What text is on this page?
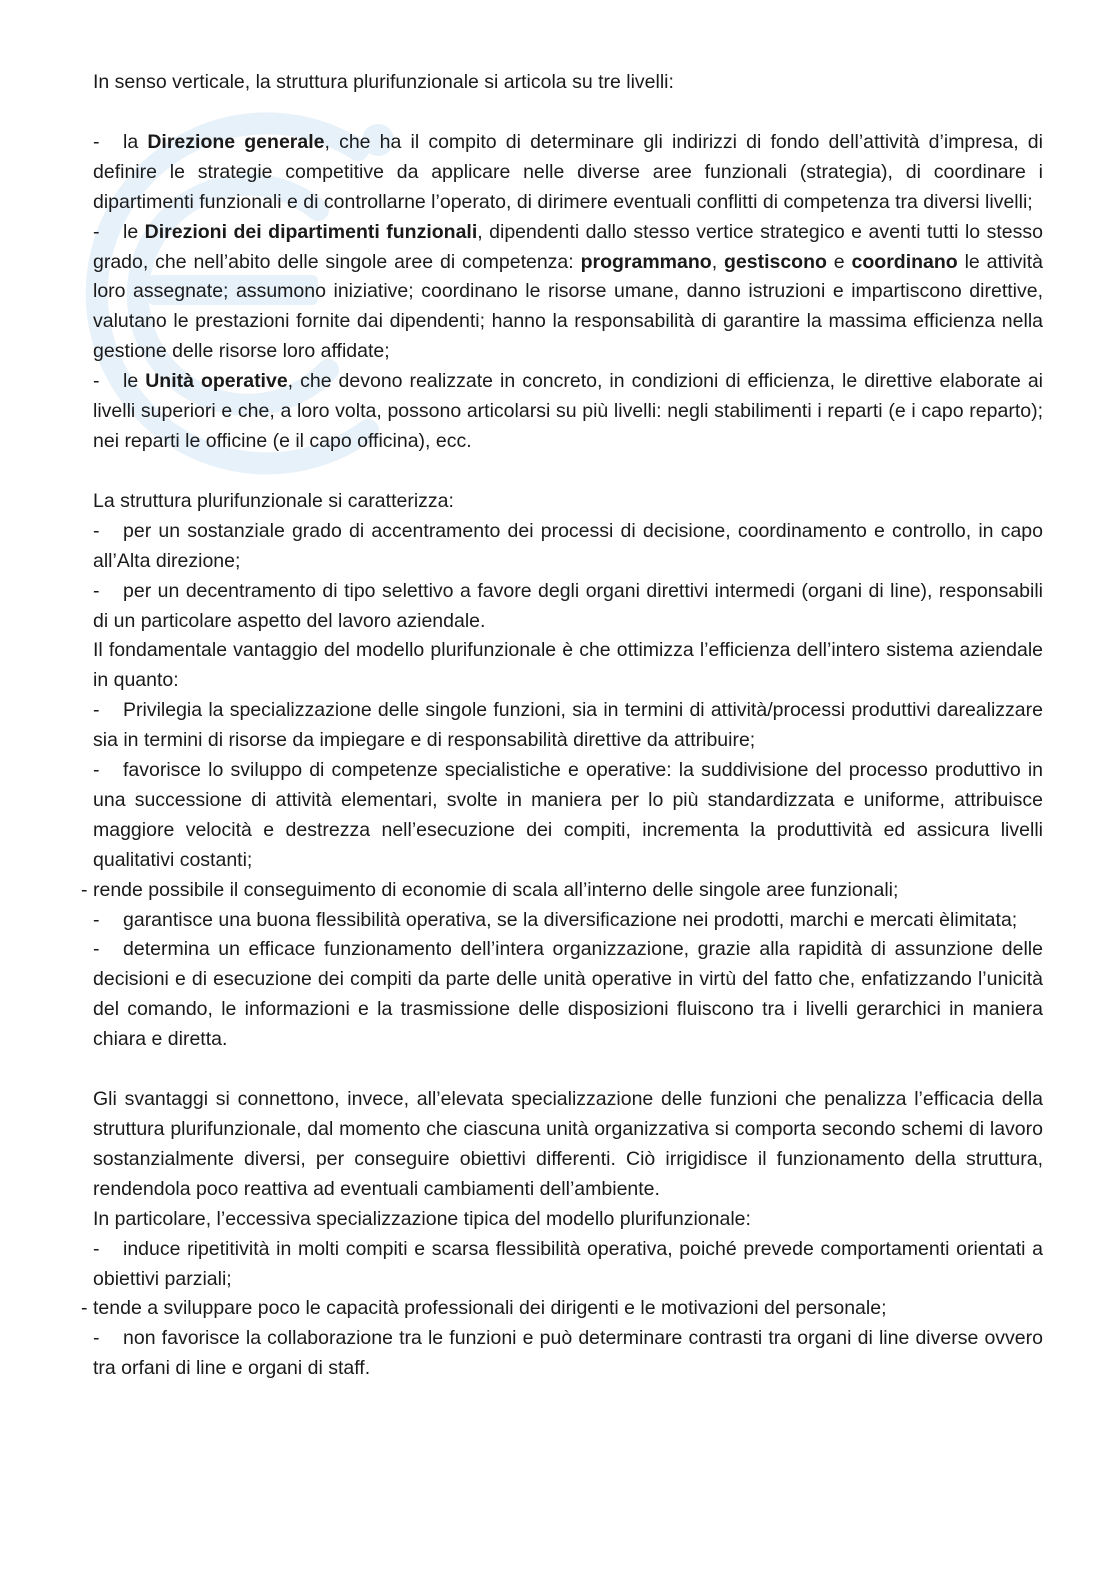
In senso verticale, la struttura plurifunzionale si articola su tre livelli:

- la Direzione generale, che ha il compito di determinare gli indirizzi di fondo dell’attività d’impresa, di definire le strategie competitive da applicare nelle diverse aree funzionali (strategia), di coordinare i dipartimenti funzionali e di controllarne l’operato, di dirimere eventuali conflitti di competenza tra diversi livelli;

- le Direzioni dei dipartimenti funzionali, dipendenti dallo stesso vertice strategico e aventi tutti lo stesso grado, che nell’abito delle singole aree di competenza: programmano, gestiscono e coordinano le attività loro assegnate; assumono iniziative; coordinano le risorse umane, danno istruzioni e impartiscono direttive, valutano le prestazioni fornite dai dipendenti; hanno la responsabilità di garantire la massima efficienza nella gestione delle risorse loro affidate;

- le Unità operative, che devono realizzate in concreto, in condizioni di efficienza, le direttive elaborate ai livelli superiori e che, a loro volta, possono articolarsi su più livelli: negli stabilimenti i reparti (e i capo reparto); nei reparti le officine (e il capo officina), ecc.

La struttura plurifunzionale si caratterizza:

- per un sostanziale grado di accentramento dei processi di decisione, coordinamento e controllo, in capo all’Alta direzione;

- per un decentramento di tipo selettivo a favore degli organi direttivi intermedi (organi di line), responsabili di un particolare aspetto del lavoro aziendale.

Il fondamentale vantaggio del modello plurifunzionale è che ottimizza l’efficienza dell’intero sistema aziendale in quanto:

- Privilegia la specializzazione delle singole funzioni, sia in termini di attività/processi produttivi darealizzare sia in termini di risorse da impiegare e di responsabilità direttive da attribuire;

- favorisce lo sviluppo di competenze specialistiche e operative: la suddivisione del processo produttivo in una successione di attività elementari, svolte in maniera per lo più standardizzata e uniforme, attribuisce maggiore velocità e destrezza nell’esecuzione dei compiti, incrementa la produttività ed assicura livelli qualitativi costanti;

- rende possibile il conseguimento di economie di scala all’interno delle singole aree funzionali;

- garantisce una buona flessibilità operativa, se la diversificazione nei prodotti, marchi e mercati èlimitata;

- determina un efficace funzionamento dell’intera organizzazione, grazie alla rapidità di assunzione delle decisioni e di esecuzione dei compiti da parte delle unità operative in virtù del fatto che, enfatizzando l’unicità del comando, le informazioni e la trasmissione delle disposizioni fluiscono tra i livelli gerarchici in maniera chiara e diretta.

Gli svantaggi si connettono, invece, all’elevata specializzazione delle funzioni che penalizza l’efficacia della struttura plurifunzionale, dal momento che ciascuna unità organizzativa si comporta secondo schemi di lavoro sostanzialmente diversi, per conseguire obiettivi differenti. Ciò irrigidisce il funzionamento della struttura, rendendola poco reattiva ad eventuali cambiamenti dell’ambiente.

In particolare, l’eccessiva specializzazione tipica del modello plurifunzionale:

- induce ripetitività in molti compiti e scarsa flessibilità operativa, poiché prevede comportamenti orientati a obiettivi parziali;

- tende a sviluppare poco le capacità professionali dei dirigenti e le motivazioni del personale;

- non favorisce la collaborazione tra le funzioni e può determinare contrasti tra organi di line diverse ovvero tra orfani di line e organi di staff.
